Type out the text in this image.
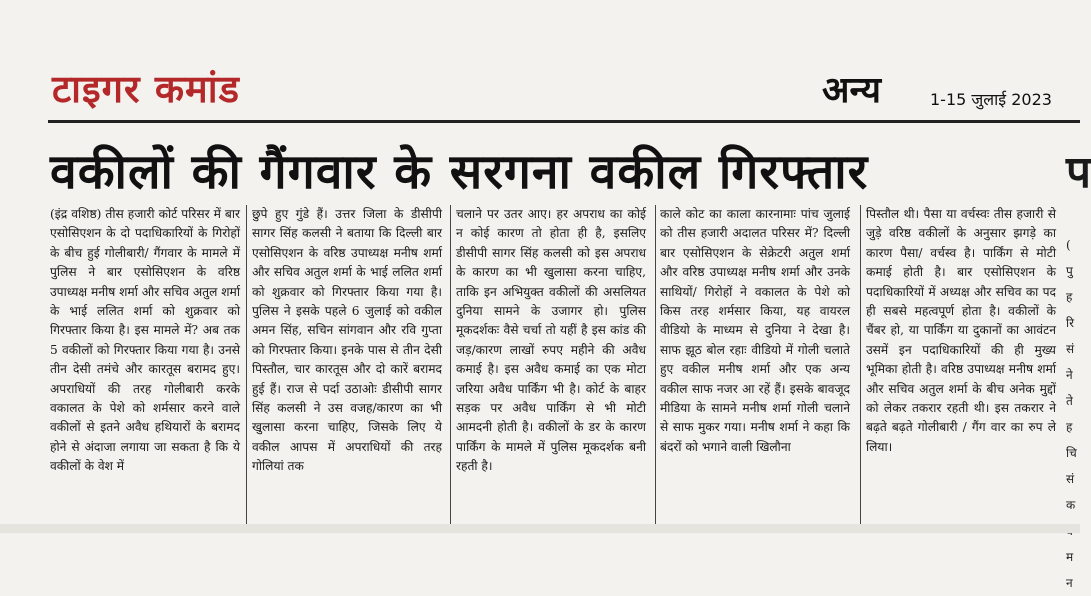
टाइगर कमांड	अन्य	1-15 जुलाई 2023
वकीलों की गैंगवार के सरगना वकील गिरफ्तार	प

(इंद्र वशिष्ठ) तीस हजारी कोर्ट परिसर में बार एसोसिएशन के दो पदाधिकारियों के गिरोहों के बीच हुई गोलीबारी/ गैंगवार के मामले में पुलिस ने बार एसोसिएशन के वरिष्ठ उपाध्यक्ष मनीष शर्मा और सचिव अतुल शर्मा के भाई ललित शर्मा को शुक्रवार को गिरफ्तार किया है। इस मामले में? अब तक 5 वकीलों को गिरफ्तार किया गया है। उनसे तीन देसी तमंचे और कारतूस बरामद हुए। अपराधियों की तरह गोलीबारी करके वकालत के पेशे को शर्मसार करने वाले वकीलों से इतने अवैध हथियारों के बरामद होने से अंदाजा लगाया जा सकता है कि ये वकीलों के वेश में

छुपे हुए गुंडे हैं। उत्तर जिला के डीसीपी सागर सिंह कलसी ने बताया कि दिल्ली बार एसोसिएशन के वरिष्ठ उपाध्यक्ष मनीष शर्मा और सचिव अतुल शर्मा के भाई ललित शर्मा को शुक्रवार को गिरफ्तार किया गया है। पुलिस ने इसके पहले 6 जुलाई को वकील अमन सिंह, सचिन सांगवान और रवि गुप्ता को गिरफ्तार किया। इनके पास से तीन देसी पिस्तौल, चार कारतूस और दो कारें बरामद हुई हैं। राज से पर्दा उठाओः डीसीपी सागर सिंह कलसी ने उस वजह/कारण का भी खुलासा करना चाहिए, जिसके लिए ये वकील आपस में अपराधियों की तरह गोलियां तक

चलाने पर उतर आए। हर अपराध का कोई न कोई कारण तो होता ही है, इसलिए डीसीपी सागर सिंह कलसी को इस अपराध के कारण का भी खुलासा करना चाहिए, ताकि इन अभियुक्त वकीलों की असलियत दुनिया सामने के उजागर हो। पुलिस मूकदर्शकः वैसे चर्चा तो यहीं है इस कांड की जड़/कारण लाखों रुपए महीने की अवैध कमाई है। इस अवैध कमाई का एक मोटा जरिया अवैध पार्किंग भी है। कोर्ट के बाहर सड़क पर अवैध पार्किंग से भी मोटी आमदनी होती है। वकीलों के डर के कारण पार्किंग के मामले में पुलिस मूकदर्शक बनी रहती है।

काले कोट का काला कारनामाः पांच जुलाई को तीस हजारी अदालत परिसर में? दिल्ली बार एसोसिएशन के सेक्रेटरी अतुल शर्मा और वरिष्ठ उपाध्यक्ष मनीष शर्मा और उनके साथियों/ गिरोहों ने वकालत के पेशे को किस तरह शर्मसार किया, यह वायरल वीडियो के माध्यम से दुनिया ने देखा है। साफ झूठ बोल रहाः वीडियो में गोली चलाते हुए वकील मनीष शर्मा और एक अन्य वकील साफ नजर आ रहें हैं। इसके बावजूद मीडिया के सामने मनीष शर्मा गोली चलाने से साफ मुकर गया। मनीष शर्मा ने कहा कि बंदरों को भगाने वाली खिलौना

पिस्तौल थी। पैसा या वर्चस्वः तीस हजारी से जुड़े वरिष्ठ वकीलों के अनुसार झगड़े का कारण पैसा/ वर्चस्व है। पार्किंग से मोटी कमाई होती है। बार एसोसिएशन के पदाधिकारियों में अध्यक्ष और सचिव का पद ही सबसे महत्वपूर्ण होता है। वकीलों के चैंबर हो, या पार्किंग या दुकानों का आवंटन उसमें इन पदाधिकारियों की ही मुख्य भूमिका होती है। वरिष्ठ उपाध्यक्ष मनीष शर्मा और सचिव अतुल शर्मा के बीच अनेक मुद्दों को लेकर तकरार रहती थी। इस तकरार ने बढ़ते बढ़ते गोलीबारी / गैंग वार का रुप ले लिया।

(
पु
ह
रि
सं
ने
ते
ह
चि
सं
क
म
न
